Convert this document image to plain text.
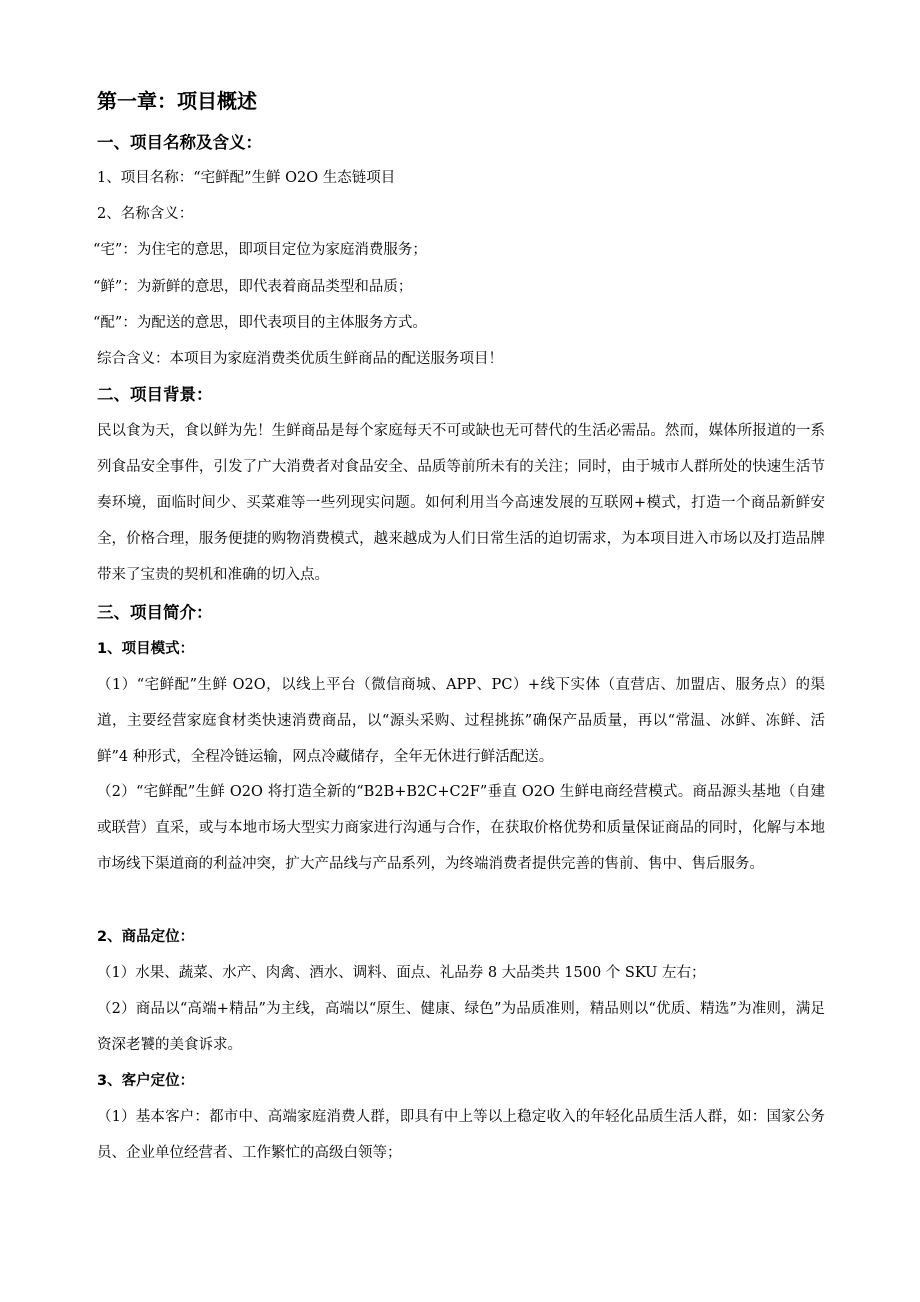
第一章：项目概述
一、项目名称及含义：
1、项目名称：“宅鲜配”生鲜 O2O 生态链项目
2、名称含义：
“宅”：为住宅的意思，即项目定位为家庭消费服务；
“鲜”：为新鲜的意思，即代表着商品类型和品质；
“配”：为配送的意思，即代表项目的主体服务方式。
综合含义：本项目为家庭消费类优质生鲜商品的配送服务项目！
二、项目背景：
民以食为天，食以鲜为先！生鲜商品是每个家庭每天不可或缺也无可替代的生活必需品。然而，媒体所报道的一系列食品安全事件，引发了广大消费者对食品安全、品质等前所未有的关注；同时，由于城市人群所处的快速生活节奏环境，面临时间少、买菜难等一些列现实问题。如何利用当今高速发展的互联网+模式，打造一个商品新鲜安全，价格合理，服务便捷的购物消费模式，越来越成为人们日常生活的迫切需求，为本项目进入市场以及打造品牌带来了宝贵的契机和准确的切入点。
三、项目简介：
1、项目模式：
（1）“宅鲜配”生鲜 O2O，以线上平台（微信商城、APP、PC）+线下实体（直营店、加盟店、服务点）的渠道，主要经营家庭食材类快速消费商品，以“源头采购、过程挑拣”确保产品质量，再以“常温、冰鲜、冻鲜、活鲜”4 种形式，全程冷链运输，网点冷藏储存，全年无休进行鲜活配送。
（2）“宅鲜配”生鲜 O2O 将打造全新的“B2B+B2C+C2F”垂直 O2O 生鲜电商经营模式。商品源头基地（自建或联营）直采，或与本地市场大型实力商家进行沟通与合作，在获取价格优势和质量保证商品的同时，化解与本地市场线下渠道商的利益冲突，扩大产品线与产品系列，为终端消费者提供完善的售前、售中、售后服务。
2、商品定位：
（1）水果、蔬菜、水产、肉禽、酒水、调料、面点、礼品券 8 大品类共 1500 个 SKU 左右；
（2）商品以“高端+精品”为主线，高端以“原生、健康、绿色”为品质准则，精品则以“优质、精选”为准则，满足资深老饕的美食诉求。
3、客户定位：
（1）基本客户：都市中、高端家庭消费人群，即具有中上等以上稳定收入的年轻化品质生活人群，如：国家公务员、企业单位经营者、工作繁忙的高级白领等；
